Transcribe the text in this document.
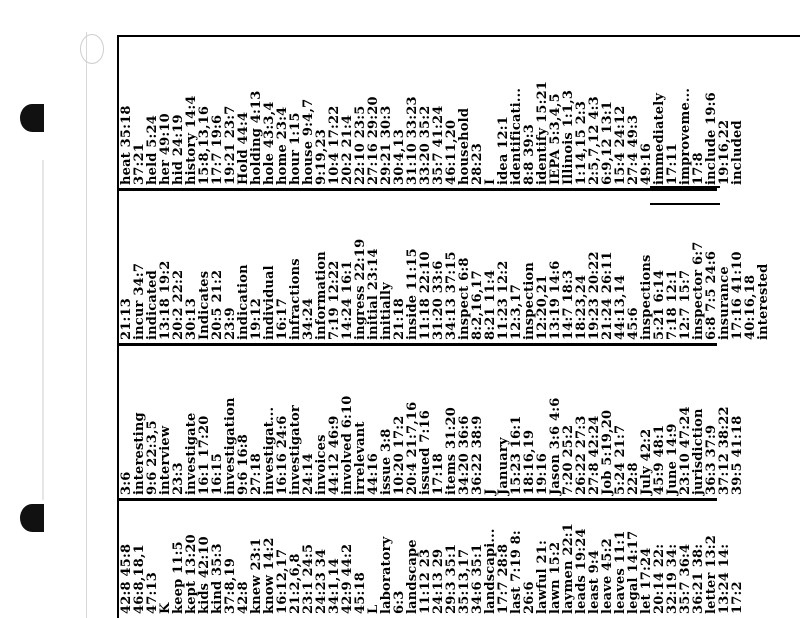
heat 35:18
37:21
held 5:24
her 49:10
hid 24:19
history 14:4
15:8,13,16
17:7 19:6
19:21 23:7
Hold 44:4
holding 4:13
hole 43:3,4
home 23:4
hour 1:15
house 9:4,7
9:19,23
10:4 17:22
20:2 21:4
22:10 23:5
27:16 29:20
29:21 30:3
30:4,13
31:10 33:23
33:20 35:2
35:7 41:24
46:11,20
household
28:23
I
idea 12:1
identificati...
8:8 39:3
identify 15:21
IEPA 5:3,4,5
Illinois 1:1,3
1:14,15 2:3
2:5,7,12 4:3
6:9,12 13:1
15:4 24:12
27:4 49:3
49:16
immediately
17:11
improveme...
17:8
include 19:6
19:16,22
included
21:13
incur 34:7
indicated
13:18 19:2
20:2 22:2
30:13
Indicates
20:5 21:2
23:9
indication
19:12
individual
16:17
infractions
34:24
information
7:19 12:22
14:24 16:1
ingress 22:19
initial 23:14
initially
21:18
inside 11:15
11:18 22:10
31:20 33:6
34:13 37:15
inspect 6:8
8:2,16,17
8:21 11:4
11:23 12:2
12:3,17
inspection
12:20,21
13:19 14:6
14:7 18:3
18:23,24
19:23 20:22
21:24 26:11
44:13,14
45:6
inspections
5:21 6:14
7:18 12:1
12:7 15:7
inspector 6:7
6:8 7:5 24:6
insurance
17:16 41:10
40:16,18
interested
3:6
interesting
9:6 22:3,5
interview
23:3
investigate
16:1 17:20
16:15
investigation
9:6 16:8
27:18
investigat...
16:16 24:6
investigator
24:14
invoices
44:12 46:9
involved 6:10
irrelevant
44:16
issue 3:8
10:20 17:2
20:4 21:7,16
issued 7:16
17:18
items 31:20
34:20 36:6
36:22 38:9
J
January
15:23 16:1
18:16,19
19:16
Jason 3:6 4:6
7:20 25:2
26:22 27:3
27:8 42:24
Job 5:19,20
5:24 21:7
22:8
July 42:2
45:9 48:1
June 14:9
23:10 47:24
jurisdiction
36:3 37:9
37:12 38:22
39:5 41:18
42:8 45:8
46:8,18,1
47:13
K
keep 11:5
kept 13:20
kids 42:10
kind 35:3
37:8,19
42:8
knew 23:1
know 14:2
16:12,17
21:2,6,8
23:1 24:5
24:23 34
34:1,14
42:9 44:2
45:18
L
laboratory
6:3
landscape
11:12 23
24:13 29
29:3 35:1
35:13,17
34:6 35:1
landscapi...
17:7 28:8
last 7:19 8:
26:6
lawful 21:
lawn 15:2
laymen 22:1
leads 19:24
least 9:4
leave 45:2
leaves 11:1
legal 14:17
let 17:24
20:14 22:
32:19 34:
35:7 36:4
36:21 38:
letter 13:2
13:24 14:
17:2
